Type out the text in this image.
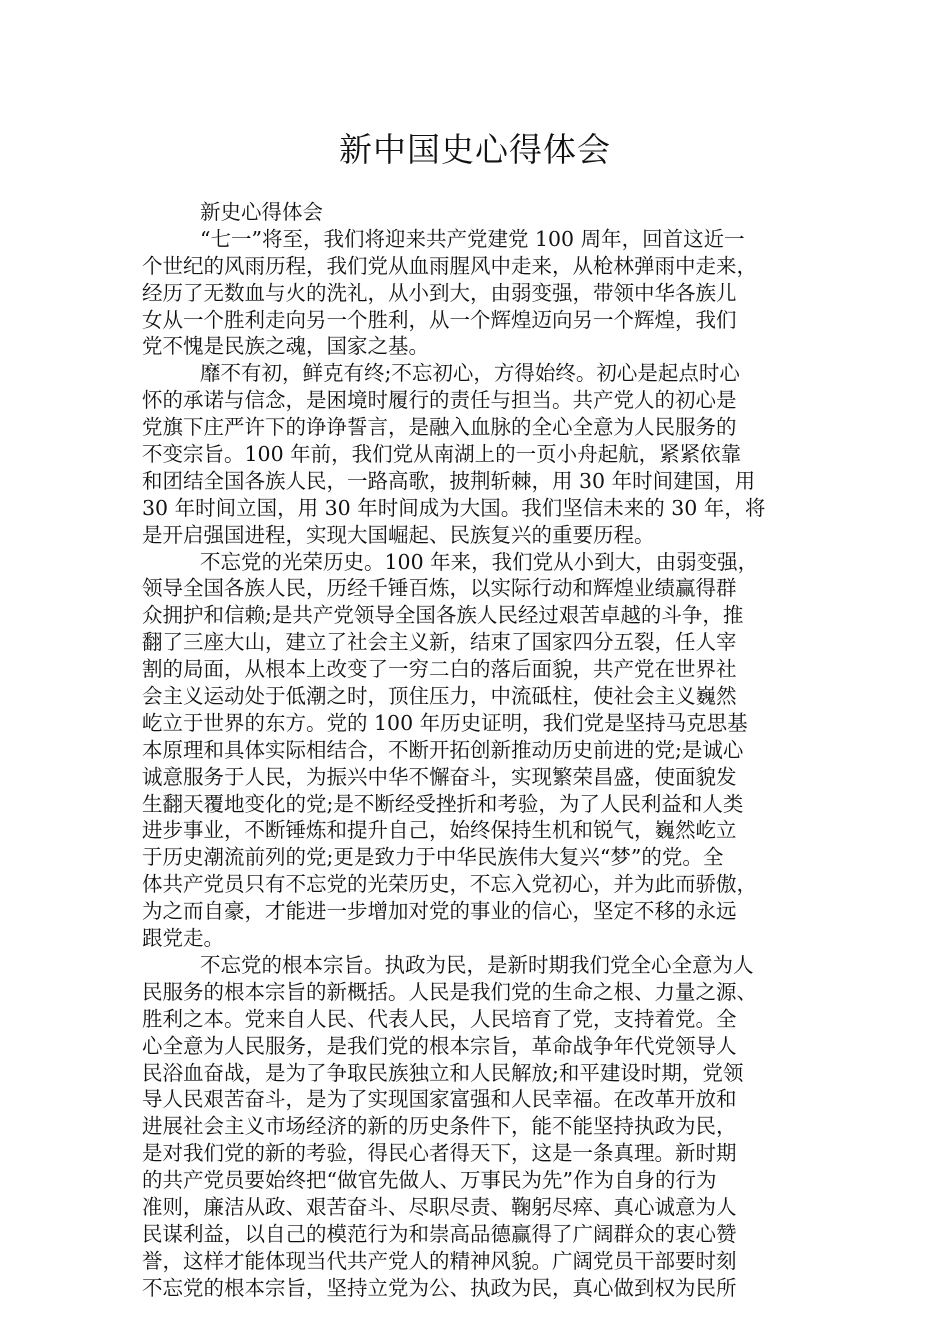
新中国史心得体会
新史心得体会
“七一”将至，我们将迎来共产党建党 100 周年，回首这近一
个世纪的风雨历程，我们党从血雨腥风中走来，从枪林弹雨中走来，
经历了无数血与火的洗礼，从小到大，由弱变强，带领中华各族儿
女从一个胜利走向另一个胜利，从一个辉煌迈向另一个辉煌，我们
党不愧是民族之魂，国家之基。
靡不有初，鲜克有终;不忘初心，方得始终。初心是起点时心
怀的承诺与信念，是困境时履行的责任与担当。共产党人的初心是
党旗下庄严许下的诤诤誓言，是融入血脉的全心全意为人民服务的
不变宗旨。100 年前，我们党从南湖上的一页小舟起航，紧紧依靠
和团结全国各族人民，一路高歌，披荆斩棘，用 30 年时间建国，用
30 年时间立国，用 30 年时间成为大国。我们坚信未来的 30 年，将
是开启强国进程，实现大国崛起、民族复兴的重要历程。
不忘党的光荣历史。100 年来，我们党从小到大，由弱变强，
领导全国各族人民，历经千锤百炼，以实际行动和辉煌业绩赢得群
众拥护和信赖;是共产党领导全国各族人民经过艰苦卓越的斗争，推
翻了三座大山，建立了社会主义新，结束了国家四分五裂，任人宰
割的局面，从根本上改变了一穷二白的落后面貌，共产党在世界社
会主义运动处于低潮之时，顶住压力，中流砥柱，使社会主义巍然
屹立于世界的东方。党的 100 年历史证明，我们党是坚持马克思基
本原理和具体实际相结合，不断开拓创新推动历史前进的党;是诚心
诚意服务于人民，为振兴中华不懈奋斗，实现繁荣昌盛，使面貌发
生翻天覆地变化的党;是不断经受挫折和考验，为了人民利益和人类
进步事业，不断锤炼和提升自己，始终保持生机和锐气，巍然屹立
于历史潮流前列的党;更是致力于中华民族伟大复兴“梦”的党。全
体共产党员只有不忘党的光荣历史，不忘入党初心，并为此而骄傲，
为之而自豪，才能进一步增加对党的事业的信心，坚定不移的永远
跟党走。
不忘党的根本宗旨。执政为民，是新时期我们党全心全意为人
民服务的根本宗旨的新概括。人民是我们党的生命之根、力量之源、
胜利之本。党来自人民、代表人民，人民培育了党，支持着党。全
心全意为人民服务，是我们党的根本宗旨，革命战争年代党领导人
民浴血奋战，是为了争取民族独立和人民解放;和平建设时期，党领
导人民艰苦奋斗，是为了实现国家富强和人民幸福。在改革开放和
进展社会主义市场经济的新的历史条件下，能不能坚持执政为民，
是对我们党的新的考验，得民心者得天下，这是一条真理。新时期
的共产党员要始终把“做官先做人、万事民为先”作为自身的行为
准则，廉洁从政、艰苦奋斗、尽职尽责、鞠躬尽瘁、真心诚意为人
民谋利益，以自己的模范行为和崇高品德赢得了广阔群众的衷心赞
誉，这样才能体现当代共产党人的精神风貌。广阔党员干部要时刻
不忘党的根本宗旨，坚持立党为公、执政为民，真心做到权为民所
